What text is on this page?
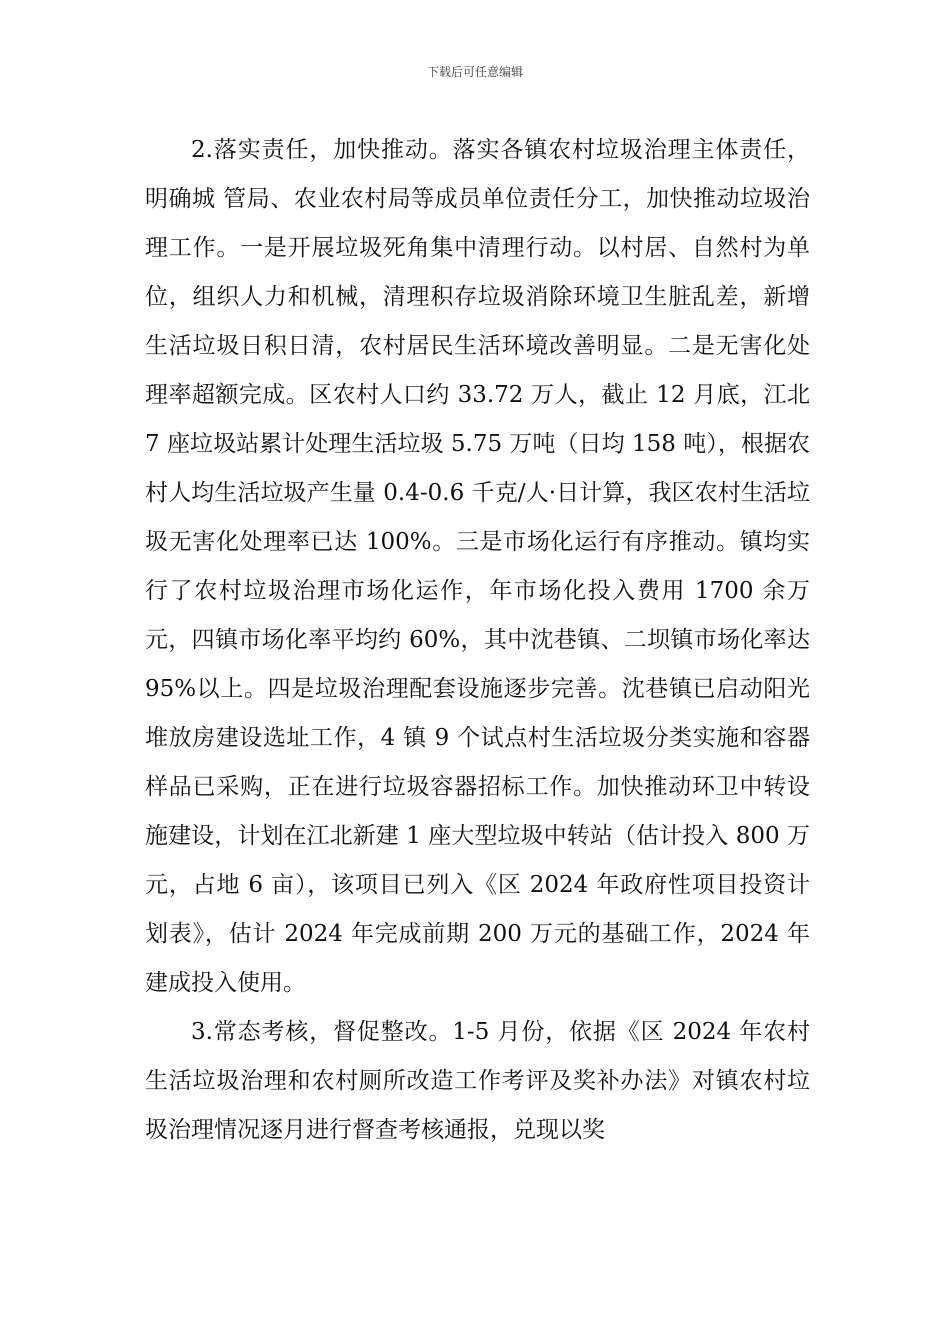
下载后可任意编辑

2.落实责任，加快推动。落实各镇农村垃圾治理主体责任，明确城 管局、农业农村局等成员单位责任分工，加快推动垃圾治理工作。一是开展垃圾死角集中清理行动。以村居、自然村为单位，组织人力和机械，清理积存垃圾消除环境卫生脏乱差，新增生活垃圾日积日清，农村居民生活环境改善明显。二是无害化处理率超额完成。区农村人口约 33.72 万人，截止 12 月底，江北 7 座垃圾站累计处理生活垃圾 5.75 万吨（日均 158 吨），根据农村人均生活垃圾产生量 0.4-0.6 千克/人·日计算，我区农村生活垃圾无害化处理率已达 100%。三是市场化运行有序推动。镇均实行了农村垃圾治理市场化运作，年市场化投入费用 1700 余万元，四镇市场化率平均约 60%，其中沈巷镇、二坝镇市场化率达 95%以上。四是垃圾治理配套设施逐步完善。沈巷镇已启动阳光堆放房建设选址工作，4 镇 9 个试点村生活垃圾分类实施和容器样品已采购，正在进行垃圾容器招标工作。加快推动环卫中转设施建设，计划在江北新建 1 座大型垃圾中转站（估计投入 800 万元，占地 6 亩），该项目已列入《区 2024 年政府性项目投资计划表》，估计 2024 年完成前期 200 万元的基础工作，2024 年建成投入使用。

3.常态考核，督促整改。1-5 月份，依据《区 2024 年农村生活垃圾治理和农村厕所改造工作考评及奖补办法》对镇农村垃圾治理情况逐月进行督查考核通报，兑现以奖
